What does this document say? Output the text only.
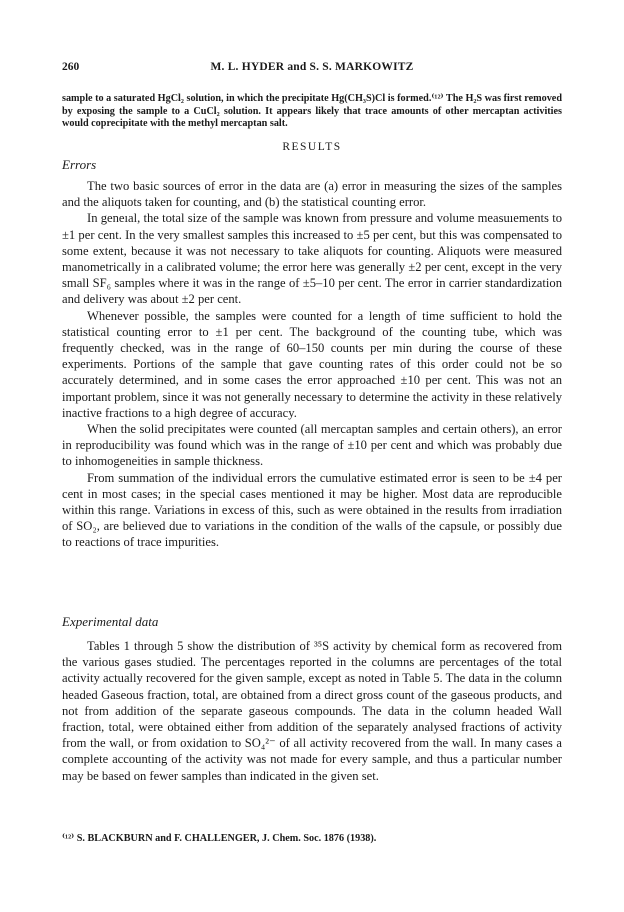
260	M. L. HYDER and S. S. MARKOWITZ
sample to a saturated HgCl₂ solution, in which the precipitate Hg(CH₃S)Cl is formed.⁽¹²⁾ The H₂S was first removed by exposing the sample to a CuCl₂ solution. It appears likely that trace amounts of other mercaptan activities would coprecipitate with the methyl mercaptan salt.
RESULTS
Errors

The two basic sources of error in the data are (a) error in measuring the sizes of the samples and the aliquots taken for counting, and (b) the statistical counting error.

In geneıal, the total size of the sample was known from pressure and volume measuıements to ±1 per cent. In the very smallest samples this increased to ±5 per cent, but this was compensated to some extent, because it was not necessary to take aliquots for counting. Aliquots were measured manometrically in a calibrated volume; the error here was generally ±2 per cent, except in the very small SF₆ samples where it was in the range of ±5–10 per cent. The error in carrier standardization and delivery was about ±2 per cent.

Whenever possible, the samples were counted for a length of time sufficient to hold the statistical counting error to ±1 per cent. The background of the counting tube, which was frequently checked, was in the range of 60–150 counts per min during the course of these experiments. Portions of the sample that gave counting rates of this order could not be so accurately determined, and in some cases the error approached ±10 per cent. This was not an important problem, since it was not generally necessary to determine the activity in these relatively inactive fractions to a high degree of accuracy.

When the solid precipitates were counted (all mercaptan samples and certain others), an error in reproducibility was found which was in the range of ±10 per cent and which was probably due to inhomogeneities in sample thickness.

From summation of the individual errors the cumulative estimated error is seen to be ±4 per cent in most cases; in the special cases mentioned it may be higher. Most data are reproducible within this range. Variations in excess of this, such as were obtained in the results from irradiation of SO₂, are believed due to variations in the condition of the walls of the capsule, or possibly due to reactions of trace impurities.

Experimental data

Tables 1 through 5 show the distribution of ³⁵S activity by chemical form as recovered from the various gases studied. The percentages reported in the columns are percentages of the total activity actually recovered for the given sample, except as noted in Table 5. The data in the column headed Gaseous fraction, total, are obtained from a direct gross count of the gaseous products, and not from addition of the separate gaseous compounds. The data in the column headed Wall fraction, total, were obtained either from addition of the separately analysed fractions of activity from the wall, or from oxidation to SO₄²⁻ of all activity recovered from the wall. In many cases a complete accounting of the activity was not made for every sample, and thus a particular number may be based on fewer samples than indicated in the given set.

⁽¹²⁾ S. BLACKBURN and F. CHALLENGER, J. Chem. Soc. 1876 (1938).
